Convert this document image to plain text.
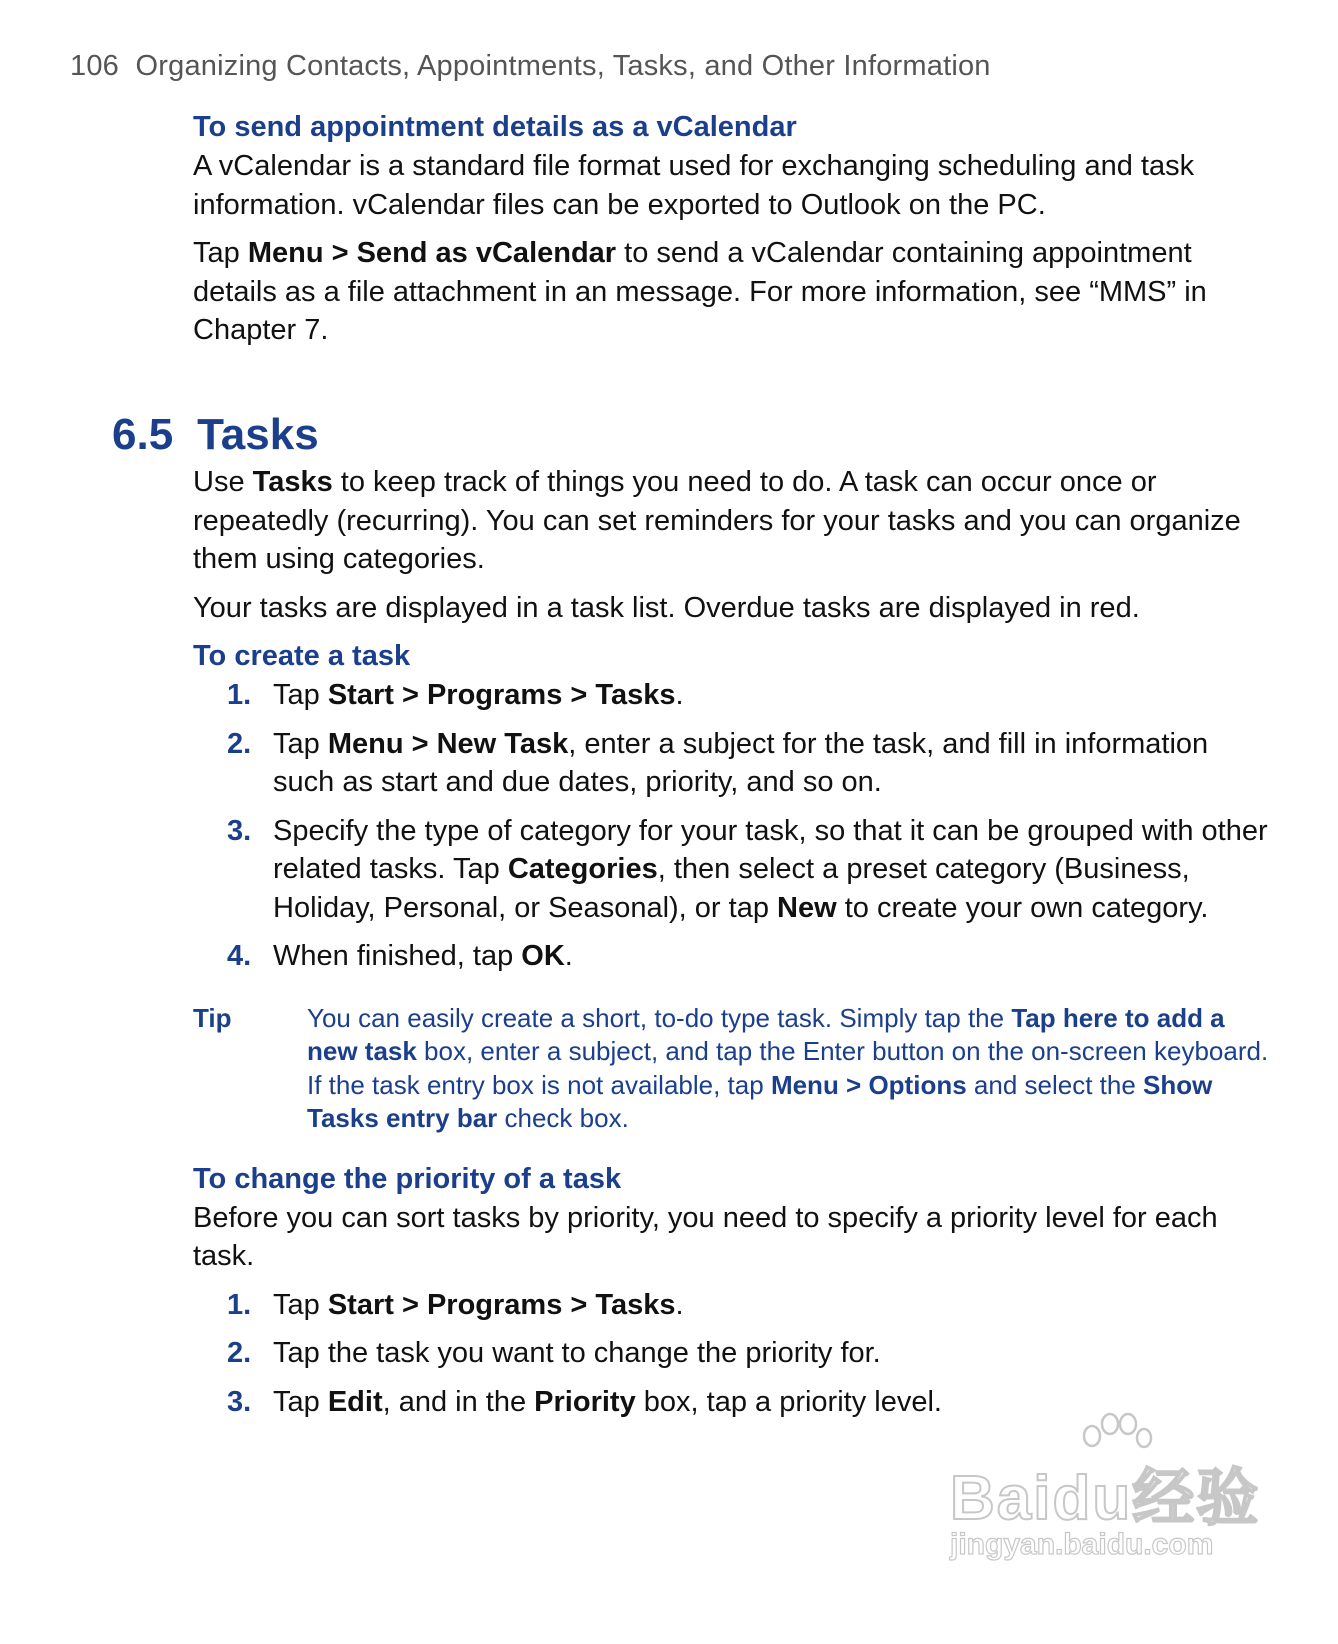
106 Organizing Contacts, Appointments, Tasks, and Other Information

To send appointment details as a vCalendar

A vCalendar is a standard file format used for exchanging scheduling and task information. vCalendar files can be exported to Outlook on the PC.

Tap Menu > Send as vCalendar to send a vCalendar containing appointment details as a file attachment in an message. For more information, see “MMS” in Chapter 7.

6.5 Tasks

Use Tasks to keep track of things you need to do. A task can occur once or repeatedly (recurring). You can set reminders for your tasks and you can organize them using categories.

Your tasks are displayed in a task list. Overdue tasks are displayed in red.

To create a task

1. Tap Start > Programs > Tasks.
2. Tap Menu > New Task, enter a subject for the task, and fill in information such as start and due dates, priority, and so on.
3. Specify the type of category for your task, so that it can be grouped with other related tasks. Tap Categories, then select a preset category (Business, Holiday, Personal, or Seasonal), or tap New to create your own category.
4. When finished, tap OK.
Tip	You can easily create a short, to-do type task. Simply tap the Tap here to add a new task box, enter a subject, and tap the Enter button on the on-screen keyboard. If the task entry box is not available, tap Menu > Options and select the Show Tasks entry bar check box.

To change the priority of a task

Before you can sort tasks by priority, you need to specify a priority level for each task.

1. Tap Start > Programs > Tasks.
2. Tap the task you want to change the priority for.
3. Tap Edit, and in the Priority box, tap a priority level.
Baidu经验
jingyan.baidu.com
